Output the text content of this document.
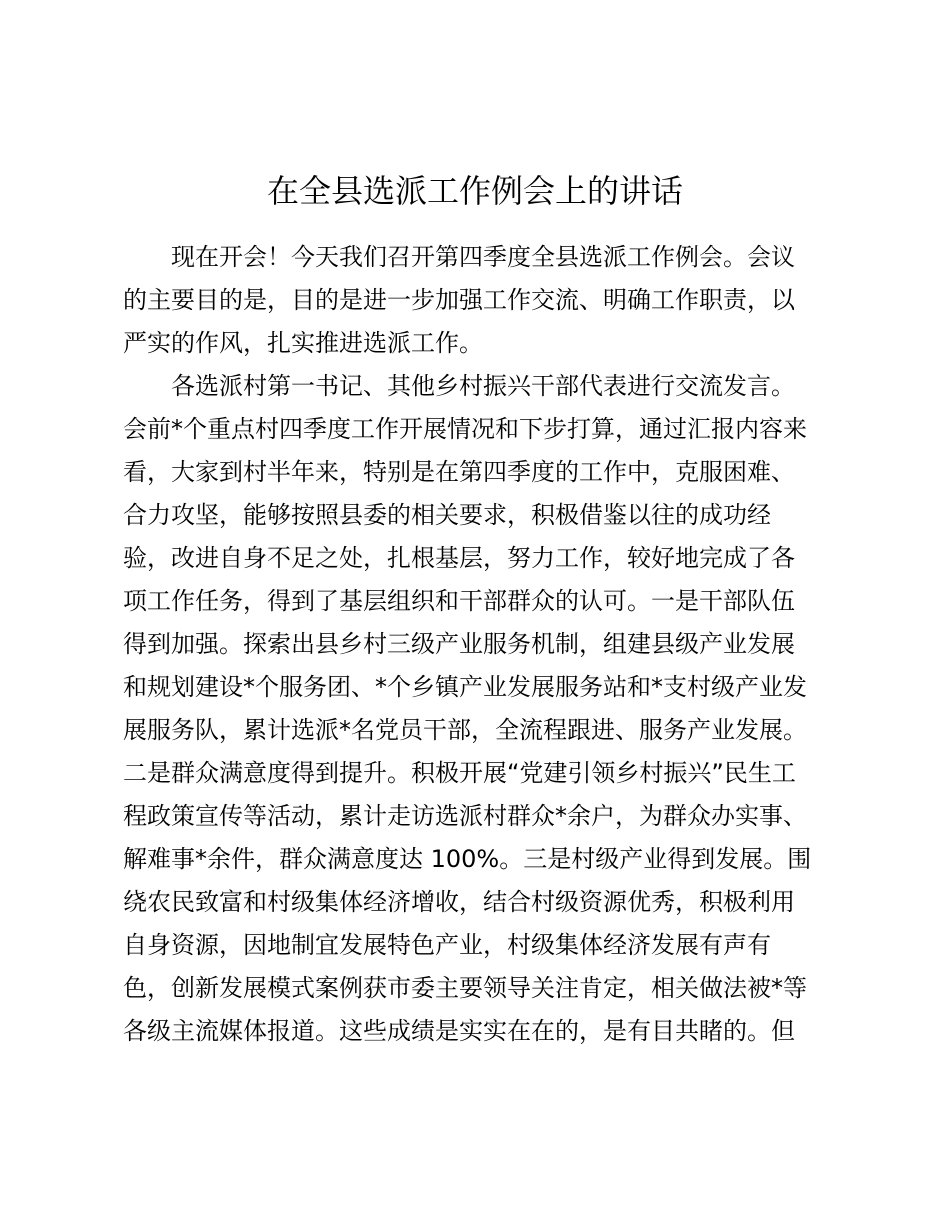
在全县选派工作例会上的讲话

现在开会！今天我们召开第四季度全县选派工作例会。会议

的主要目的是，目的是进一步加强工作交流、明确工作职责，以

严实的作风，扎实推进选派工作。

各选派村第一书记、其他乡村振兴干部代表进行交流发言。

会前*个重点村四季度工作开展情况和下步打算，通过汇报内容来

看，大家到村半年来，特别是在第四季度的工作中，克服困难、

合力攻坚，能够按照县委的相关要求，积极借鉴以往的成功经

验，改进自身不足之处，扎根基层，努力工作，较好地完成了各

项工作任务，得到了基层组织和干部群众的认可。一是干部队伍

得到加强。探索出县乡村三级产业服务机制，组建县级产业发展

和规划建设*个服务团、*个乡镇产业发展服务站和*支村级产业发

展服务队，累计选派*名党员干部，全流程跟进、服务产业发展。

二是群众满意度得到提升。积极开展“党建引领乡村振兴”民生工

程政策宣传等活动，累计走访选派村群众*余户，为群众办实事、

解难事*余件，群众满意度达 100%。三是村级产业得到发展。围

绕农民致富和村级集体经济增收，结合村级资源优秀，积极利用

自身资源，因地制宜发展特色产业，村级集体经济发展有声有

色，创新发展模式案例获市委主要领导关注肯定，相关做法被*等

各级主流媒体报道。这些成绩是实实在在的，是有目共睹的。但
